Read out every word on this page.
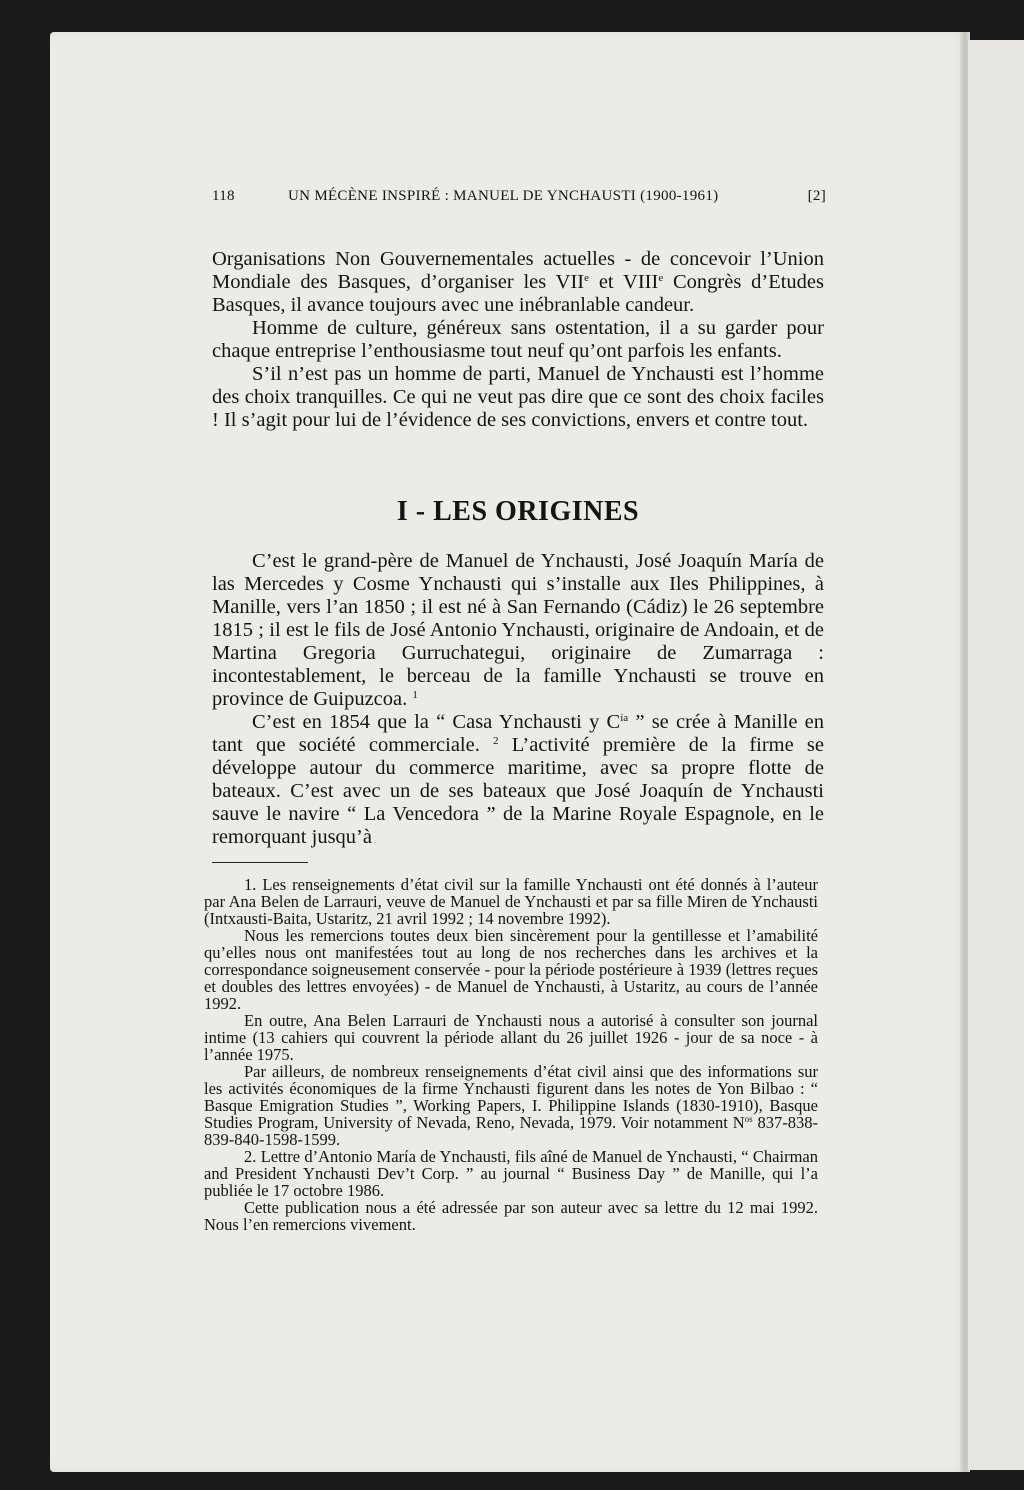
118	UN MÉCÈNE INSPIRÉ : MANUEL DE YNCHAUSTI (1900-1961)	[2]

Organisations Non Gouvernementales actuelles - de concevoir l’Union Mondiale des Basques, d’organiser les VIIe et VIIIe Congrès d’Etudes Basques, il avance toujours avec une inébranlable candeur.

Homme de culture, généreux sans ostentation, il a su garder pour chaque entreprise l’enthousiasme tout neuf qu’ont parfois les enfants.

S’il n’est pas un homme de parti, Manuel de Ynchausti est l’homme des choix tranquilles. Ce qui ne veut pas dire que ce sont des choix faciles ! Il s’agit pour lui de l’évidence de ses convictions, envers et contre tout.

I - LES ORIGINES

C’est le grand-père de Manuel de Ynchausti, José Joaquín María de las Mercedes y Cosme Ynchausti qui s’installe aux Iles Philippines, à Manille, vers l’an 1850 ; il est né à San Fernando (Cádiz) le 26 septembre 1815 ; il est le fils de José Antonio Ynchausti, originaire de Andoain, et de Martina Gregoria Gurruchategui, originaire de Zumarraga : incontestablement, le berceau de la famille Ynchausti se trouve en province de Guipuzcoa. $^1$

C’est en 1854 que la “ Casa Ynchausti y $C^{ía}$ ” se crée à Manille en tant que société commerciale. $^2$ L’activité première de la firme se développe autour du commerce maritime, avec sa propre flotte de bateaux. C’est avec un de ses bateaux que José Joaquín de Ynchausti sauve le navire “ La Vencedora ” de la Marine Royale Espagnole, en le remorquant jusqu’à

1. Les renseignements d’état civil sur la famille Ynchausti ont été donnés à l’auteur par Ana Belen de Larrauri, veuve de Manuel de Ynchausti et par sa fille Miren de Ynchausti (Intxausti-Baita, Ustaritz, 21 avril 1992 ; 14 novembre 1992).

Nous les remercions toutes deux bien sincèrement pour la gentillesse et l’amabilité qu’elles nous ont manifestées tout au long de nos recherches dans les archives et la correspondance soigneusement conservée - pour la période postérieure à 1939 (lettres reçues et doubles des lettres envoyées) - de Manuel de Ynchausti, à Ustaritz, au cours de l’année 1992.

En outre, Ana Belen Larrauri de Ynchausti nous a autorisé à consulter son journal intime (13 cahiers qui couvrent la période allant du 26 juillet 1926 - jour de sa noce - à l’année 1975.

Par ailleurs, de nombreux renseignements d’état civil ainsi que des informations sur les activités économiques de la firme Ynchausti figurent dans les notes de Yon Bilbao : “ Basque Emigration Studies ”, Working Papers, I. Philippine Islands (1830-1910), Basque Studies Program, University of Nevada, Reno, Nevada, 1979. Voir notamment $N^{os}$ 837-838-839-840-1598-1599.

2. Lettre d’Antonio María de Ynchausti, fils aîné de Manuel de Ynchausti, “ Chairman and President Ynchausti Dev’t Corp. ” au journal “ Business Day ” de Manille, qui l’a publiée le 17 octobre 1986.

Cette publication nous a été adressée par son auteur avec sa lettre du 12 mai 1992. Nous l’en remercions vivement.
